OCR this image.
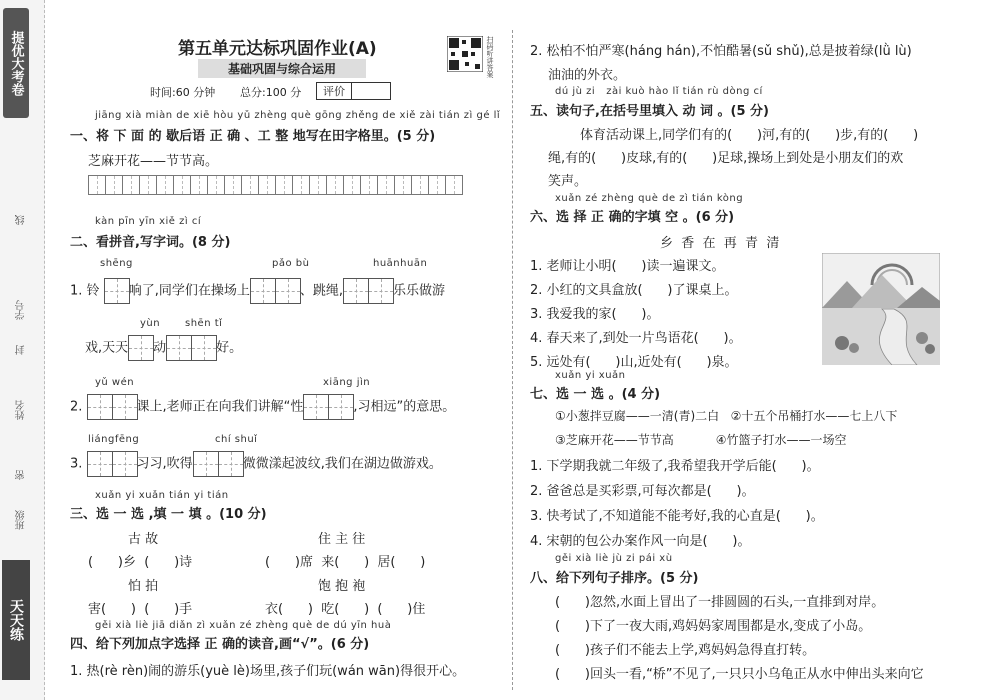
提优大考卷
线
学号
封
姓名
密
班级
天天练
第五单元达标巩固作业(A)
基础巩固与综合运用
时间:60 分钟 总分:100 分	评价
扫码听讲答案
jiāng xià miàn de xiē hòu yǔ zhèng què gōng zhěng de xiě zài tián zì gé lǐ
一、将 下 面 的 歇后语 正 确 、工 整 地写在田字格里。(5 分)
芝麻开花——节节高。
kàn pīn yīn xiě zì cí
二、看拼音,写字词。(8 分)
shēng	pǎo bù	huānhuān
1. 铃 响了,同学们在操场上	、跳绳,	乐乐做游
yùn shēn tǐ
戏,天天 动	好。
yǔ wén	xiāng jìn
2.	课上,老师正在向我们讲解“性	,习相远”的意思。
liángfēng	chí shuǐ
3.	习习,吹得	微微漾起波纹,我们在湖边做游戏。
xuǎn yi xuǎn tián yi tián
三、选 一 选 ,填 一 填 。(10 分)
古 故	住 主 往
(      )乡  (      )诗	(      )席  来(      )  居(      )
怕 拍	饱 抱 袍
害(      )  (      )手	衣(      )  吃(      )  (      )住
gěi xià liè jiā diǎn zì xuǎn zé zhèng què de dú yīn huà
四、给下列加点字选择 正 确的读音,画“√”。(6 分)
1. 热(rè rèn)闹的游乐(yuè lè)场里,孩子们玩(wán wān)得很开心。
2. 松柏不怕严寒(háng hán),不怕酷暑(sǔ shǔ),总是披着绿(lǜ lù)
油油的外衣。
dú jù zi   zài kuò hào lǐ tián rù dòng cí
五、读句子,在括号里填入 动 词 。(5 分)
体育活动课上,同学们有的(      )河,有的(      )步,有的(      )
绳,有的(      )皮球,有的(      )足球,操场上到处是小朋友们的欢
笑声。
xuǎn zé zhèng què de zì tián kòng
六、选 择 正 确的字填 空 。(6 分)
乡  香  在  再  青  清
1. 老师让小明(      )读一遍课文。
2. 小红的文具盒放(      )了课桌上。
3. 我爱我的家(      )。
4. 春天来了,到处一片鸟语花(      )。
5. 远处有(      )山,近处有(      )泉。
xuǎn yi xuǎn
七、选 一 选 。(4 分)
①小葱拌豆腐——一清(青)二白   ②十五个吊桶打水——七上八下
③芝麻开花——节节高           ④竹篮子打水——一场空
1. 下学期我就二年级了,我希望我开学后能(      )。
2. 爸爸总是买彩票,可每次都是(      )。
3. 快考试了,不知道能不能考好,我的心直是(      )。
4. 宋朝的包公办案作风一向是(      )。
gěi xià liè jù zi pái xù
八、给下列句子排序。(5 分)
(      )忽然,水面上冒出了一排圆圆的石头,一直排到对岸。
(      )下了一夜大雨,鸡妈妈家周围都是水,变成了小岛。
(      )孩子们不能去上学,鸡妈妈急得直打转。
(      )回头一看,“桥”不见了,一只只小乌龟正从水中伸出头来向它
